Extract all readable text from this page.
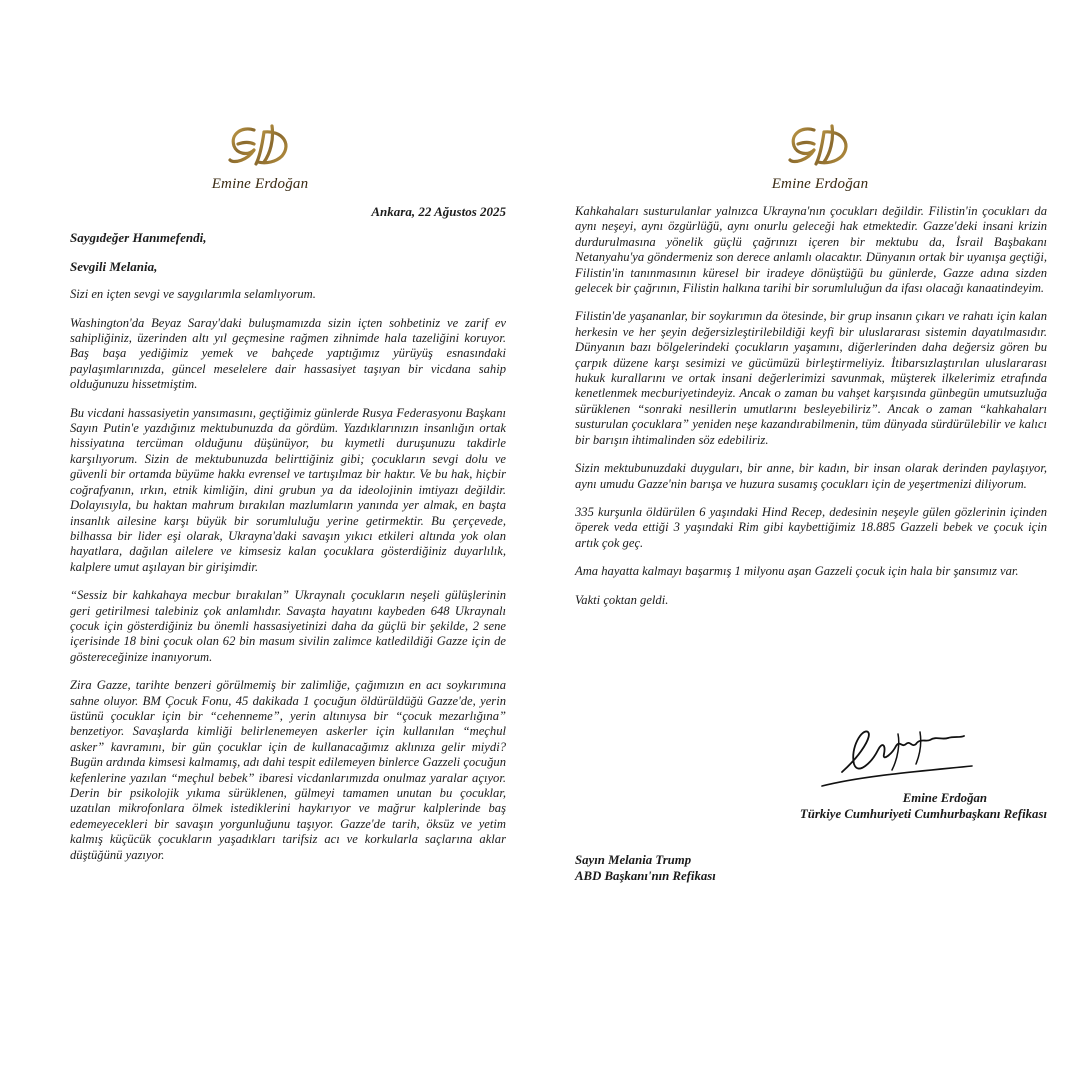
Emine Erdoğan
Ankara, 22 Ağustos 2025

Saygıdeğer Hanımefendi,

Sevgili Melania,

Sizi en içten sevgi ve saygılarımla selamlıyorum.

Washington'da Beyaz Saray'daki buluşmamızda sizin içten sohbetiniz ve zarif ev sahipliğiniz, üzerinden altı yıl geçmesine rağmen zihnimde hala tazeliğini koruyor. Baş başa yediğimiz yemek ve bahçede yaptığımız yürüyüş esnasındaki paylaşımlarınızda, güncel meselelere dair hassasiyet taşıyan bir vicdana sahip olduğunuzu hissetmiştim.

Bu vicdani hassasiyetin yansımasını, geçtiğimiz günlerde Rusya Federasyonu Başkanı Sayın Putin'e yazdığınız mektubunuzda da gördüm. Yazdıklarınızın insanlığın ortak hissiyatına tercüman olduğunu düşünüyor, bu kıymetli duruşunuzu takdirle karşılıyorum. Sizin de mektubunuzda belirttiğiniz gibi; çocukların sevgi dolu ve güvenli bir ortamda büyüme hakkı evrensel ve tartışılmaz bir haktır. Ve bu hak, hiçbir coğrafyanın, ırkın, etnik kimliğin, dini grubun ya da ideolojinin imtiyazı değildir. Dolayısıyla, bu haktan mahrum bırakılan mazlumların yanında yer almak, en başta insanlık ailesine karşı büyük bir sorumluluğu yerine getirmektir. Bu çerçevede, bilhassa bir lider eşi olarak, Ukrayna'daki savaşın yıkıcı etkileri altında yok olan hayatlara, dağılan ailelere ve kimsesiz kalan çocuklara gösterdiğiniz duyarlılık, kalplere umut aşılayan bir girişimdir.

“Sessiz bir kahkahaya mecbur bırakılan” Ukraynalı çocukların neşeli gülüşlerinin geri getirilmesi talebiniz çok anlamlıdır. Savaşta hayatını kaybeden 648 Ukraynalı çocuk için gösterdiğiniz bu önemli hassasiyetinizi daha da güçlü bir şekilde, 2 sene içerisinde 18 bini çocuk olan 62 bin masum sivilin zalimce katledildiği Gazze için de göstereceğinize inanıyorum.

Zira Gazze, tarihte benzeri görülmemiş bir zalimliğe, çağımızın en acı soykırımına sahne oluyor. BM Çocuk Fonu, 45 dakikada 1 çocuğun öldürüldüğü Gazze'de, yerin üstünü çocuklar için bir “cehenneme”, yerin altınıysa bir “çocuk mezarlığına” benzetiyor. Savaşlarda kimliği belirlenemeyen askerler için kullanılan “meçhul asker” kavramını, bir gün çocuklar için de kullanacağımız aklınıza gelir miydi? Bugün ardında kimsesi kalmamış, adı dahi tespit edilemeyen binlerce Gazzeli çocuğun kefenlerine yazılan “meçhul bebek” ibaresi vicdanlarımızda onulmaz yaralar açıyor. Derin bir psikolojik yıkıma sürüklenen, gülmeyi tamamen unutan bu çocuklar, uzatılan mikrofonlara ölmek istediklerini haykırıyor ve mağrur kalplerinde baş edemeyecekleri bir savaşın yorgunluğunu taşıyor. Gazze'de tarih, öksüz ve yetim kalmış küçücük çocukların yaşadıkları tarifsiz acı ve korkularla saçlarına aklar düştüğünü yazıyor.

Emine Erdoğan

Kahkahaları susturulanlar yalnızca Ukrayna'nın çocukları değildir. Filistin'in çocukları da aynı neşeyi, aynı özgürlüğü, aynı onurlu geleceği hak etmektedir. Gazze'deki insani krizin durdurulmasına yönelik güçlü çağrınızı içeren bir mektubu da, İsrail Başbakanı Netanyahu'ya göndermeniz son derece anlamlı olacaktır. Dünyanın ortak bir uyanışa geçtiği, Filistin'in tanınmasının küresel bir iradeye dönüştüğü bu günlerde, Gazze adına sizden gelecek bir çağrının, Filistin halkına tarihi bir sorumluluğun da ifası olacağı kanaatindeyim.

Filistin'de yaşananlar, bir soykırımın da ötesinde, bir grup insanın çıkarı ve rahatı için kalan herkesin ve her şeyin değersizleştirilebildiği keyfi bir uluslararası sistemin dayatılmasıdır. Dünyanın bazı bölgelerindeki çocukların yaşamını, diğerlerinden daha değersiz gören bu çarpık düzene karşı sesimizi ve gücümüzü birleştirmeliyiz. İtibarsızlaştırılan uluslararası hukuk kurallarını ve ortak insani değerlerimizi savunmak, müşterek ilkelerimiz etrafında kenetlenmek mecburiyetindeyiz. Ancak o zaman bu vahşet karşısında günbegün umutsuzluğa sürüklenen “sonraki nesillerin umutlarını besleyebiliriz”. Ancak o zaman “kahkahaları susturulan çocuklara” yeniden neşe kazandırabilmenin, tüm dünyada sürdürülebilir ve kalıcı bir barışın ihtimalinden söz edebiliriz.

Sizin mektubunuzdaki duyguları, bir anne, bir kadın, bir insan olarak derinden paylaşıyor, aynı umudu Gazze'nin barışa ve huzura susamış çocukları için de yeşertmenizi diliyorum.

335 kurşunla öldürülen 6 yaşındaki Hind Recep, dedesinin neşeyle gülen gözlerinin içinden öperek veda ettiği 3 yaşındaki Rim gibi kaybettiğimiz 18.885 Gazzeli bebek ve çocuk için artık çok geç.

Ama hayatta kalmayı başarmış 1 milyonu aşan Gazzeli çocuk için hala bir şansımız var.

Vakti çoktan geldi.

Emine Erdoğan
Türkiye Cumhuriyeti Cumhurbaşkanı Refikası
Sayın Melania Trump
ABD Başkanı'nın Refikası
